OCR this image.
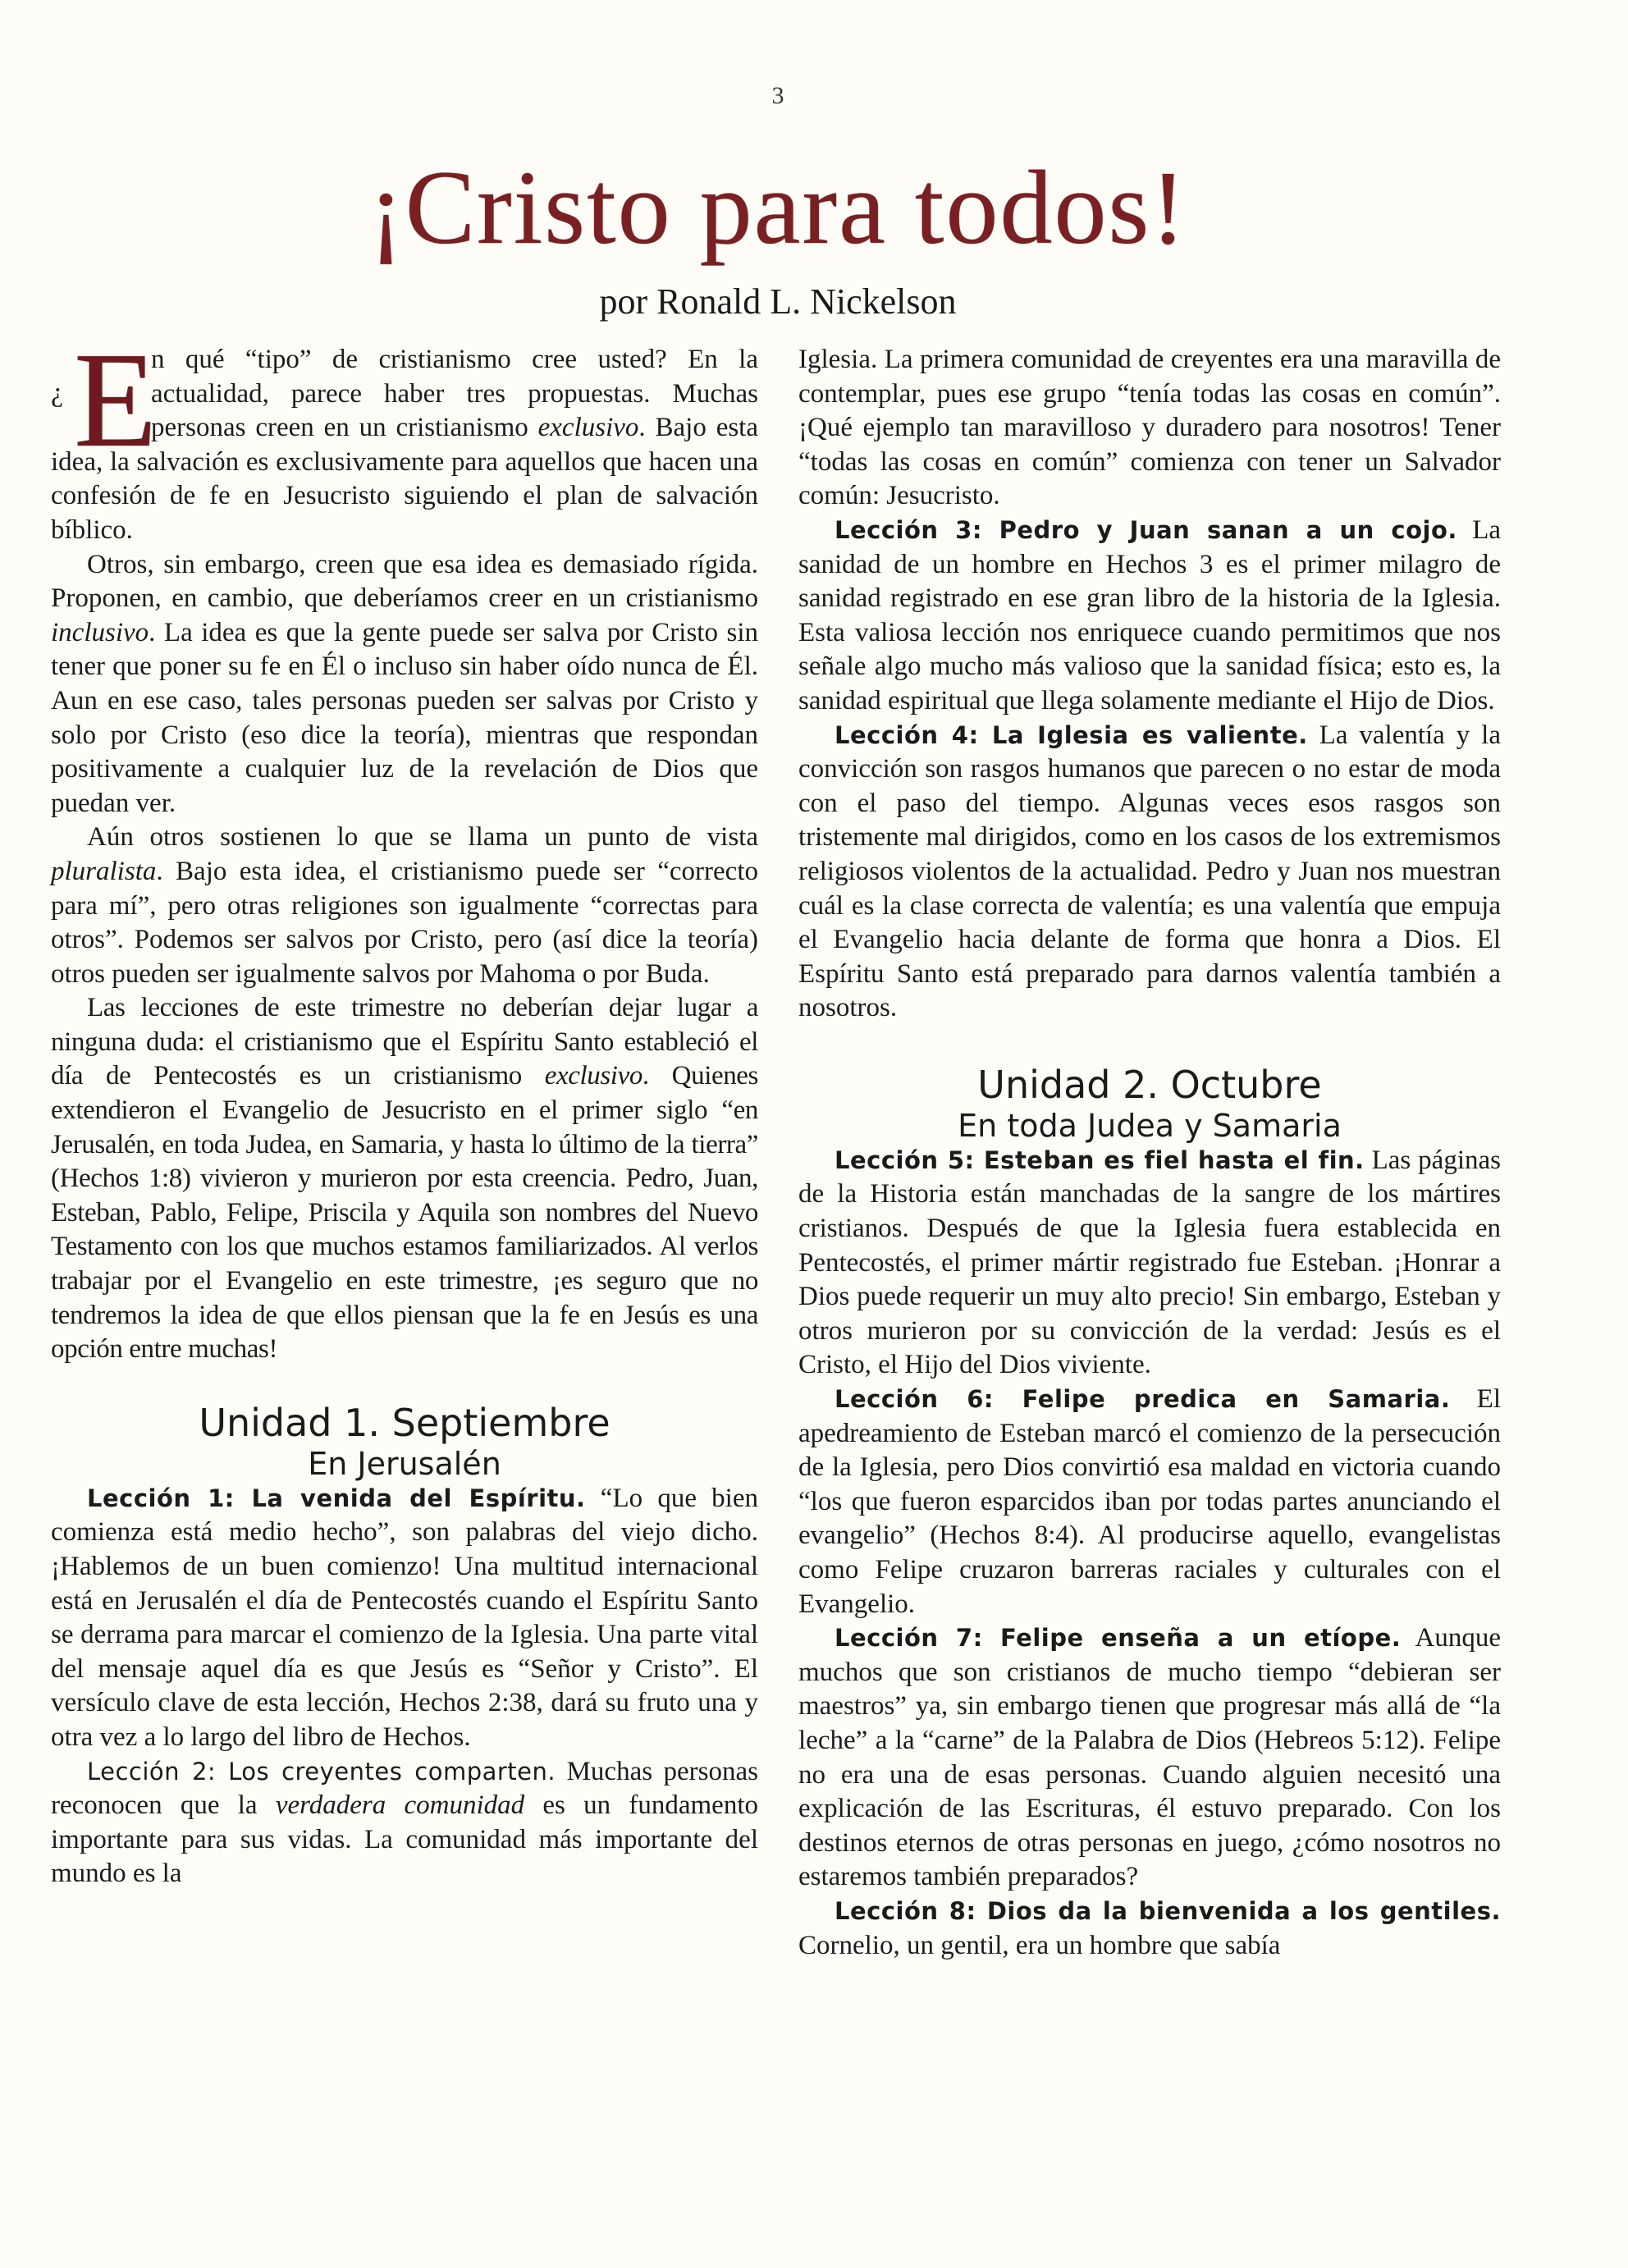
3
¡Cristo para todos!
por Ronald L. Nickelson

¿ E
n qué “tipo” de cristianismo cree usted? En la actualidad, parece haber tres propuestas. Muchas personas creen en un cristianismo exclusivo. Bajo esta idea, la salvación es exclusivamente para aquellos que hacen una confesión de fe en Jesucristo siguiendo el plan de salvación bíblico.

Otros, sin embargo, creen que esa idea es demasiado rígida. Proponen, en cambio, que deberíamos creer en un cristianismo inclusivo. La idea es que la gente puede ser salva por Cristo sin tener que poner su fe en Él o incluso sin haber oído nunca de Él. Aun en ese caso, tales personas pueden ser salvas por Cristo y solo por Cristo (eso dice la teoría), mientras que respondan positivamente a cualquier luz de la revelación de Dios que puedan ver.

Aún otros sostienen lo que se llama un punto de vista pluralista. Bajo esta idea, el cristianismo puede ser “correcto para mí”, pero otras religiones son igualmente “correctas para otros”. Podemos ser salvos por Cristo, pero (así dice la teoría) otros pueden ser igualmente salvos por Mahoma o por Buda.

Las lecciones de este trimestre no deberían dejar lugar a ninguna duda: el cristianismo que el Espíritu Santo estableció el día de Pentecostés es un cristianismo exclusivo. Quienes extendieron el Evangelio de Jesucristo en el primer siglo “en Jerusalén, en toda Judea, en Samaria, y hasta lo último de la tierra” (Hechos 1:8) vivieron y murieron por esta creencia. Pedro, Juan, Esteban, Pablo, Felipe, Priscila y Aquila son nombres del Nuevo Testamento con los que muchos estamos familiarizados. Al verlos trabajar por el Evangelio en este trimestre, ¡es seguro que no tendremos la idea de que ellos piensan que la fe en Jesús es una opción entre muchas!

Unidad 1. Septiembre

En Jerusalén

Lección 1: La venida del Espíritu. “Lo que bien comienza está medio hecho”, son palabras del viejo dicho. ¡Hablemos de un buen comienzo! Una multitud internacional está en Jerusalén el día de Pentecostés cuando el Espíritu Santo se derrama para marcar el comienzo de la Iglesia. Una parte vital del mensaje aquel día es que Jesús es “Señor y Cristo”. El versículo clave de esta lección, Hechos 2:38, dará su fruto una y otra vez a lo largo del libro de Hechos.

Lección 2: Los creyentes comparten. Muchas personas reconocen que la verdadera comunidad es un fundamento importante para sus vidas. La comunidad más importante del mundo es la

Iglesia. La primera comunidad de creyentes era una maravilla de contemplar, pues ese grupo “tenía todas las cosas en común”. ¡Qué ejemplo tan maravilloso y duradero para nosotros! Tener “todas las cosas en común” comienza con tener un Salvador común: Jesucristo.

Lección 3: Pedro y Juan sanan a un cojo. La sanidad de un hombre en Hechos 3 es el primer milagro de sanidad registrado en ese gran libro de la historia de la Iglesia. Esta valiosa lección nos enriquece cuando permitimos que nos señale algo mucho más valioso que la sanidad física; esto es, la sanidad espiritual que llega solamente mediante el Hijo de Dios.

Lección 4: La Iglesia es valiente. La valentía y la convicción son rasgos humanos que parecen o no estar de moda con el paso del tiempo. Algunas veces esos rasgos son tristemente mal dirigidos, como en los casos de los extremismos religiosos violentos de la actualidad. Pedro y Juan nos muestran cuál es la clase correcta de valentía; es una valentía que empuja el Evangelio hacia delante de forma que honra a Dios. El Espíritu Santo está preparado para darnos valentía también a nosotros.

Unidad 2. Octubre

En toda Judea y Samaria

Lección 5: Esteban es fiel hasta el fin. Las páginas de la Historia están manchadas de la sangre de los mártires cristianos. Después de que la Iglesia fuera establecida en Pentecostés, el primer mártir registrado fue Esteban. ¡Honrar a Dios puede requerir un muy alto precio! Sin embargo, Esteban y otros murieron por su convicción de la verdad: Jesús es el Cristo, el Hijo del Dios viviente.

Lección 6: Felipe predica en Samaria. El apedreamiento de Esteban marcó el comienzo de la persecución de la Iglesia, pero Dios convirtió esa maldad en victoria cuando “los que fueron esparcidos iban por todas partes anunciando el evangelio” (Hechos 8:4). Al producirse aquello, evangelistas como Felipe cruzaron barreras raciales y culturales con el Evangelio.

Lección 7: Felipe enseña a un etíope. Aunque muchos que son cristianos de mucho tiempo “debieran ser maestros” ya, sin embargo tienen que progresar más allá de “la leche” a la “carne” de la Palabra de Dios (Hebreos 5:12). Felipe no era una de esas personas. Cuando alguien necesitó una explicación de las Escrituras, él estuvo preparado. Con los destinos eternos de otras personas en juego, ¿cómo nosotros no estaremos también preparados?

Lección 8: Dios da la bienvenida a los gentiles. Cornelio, un gentil, era un hombre que sabía
